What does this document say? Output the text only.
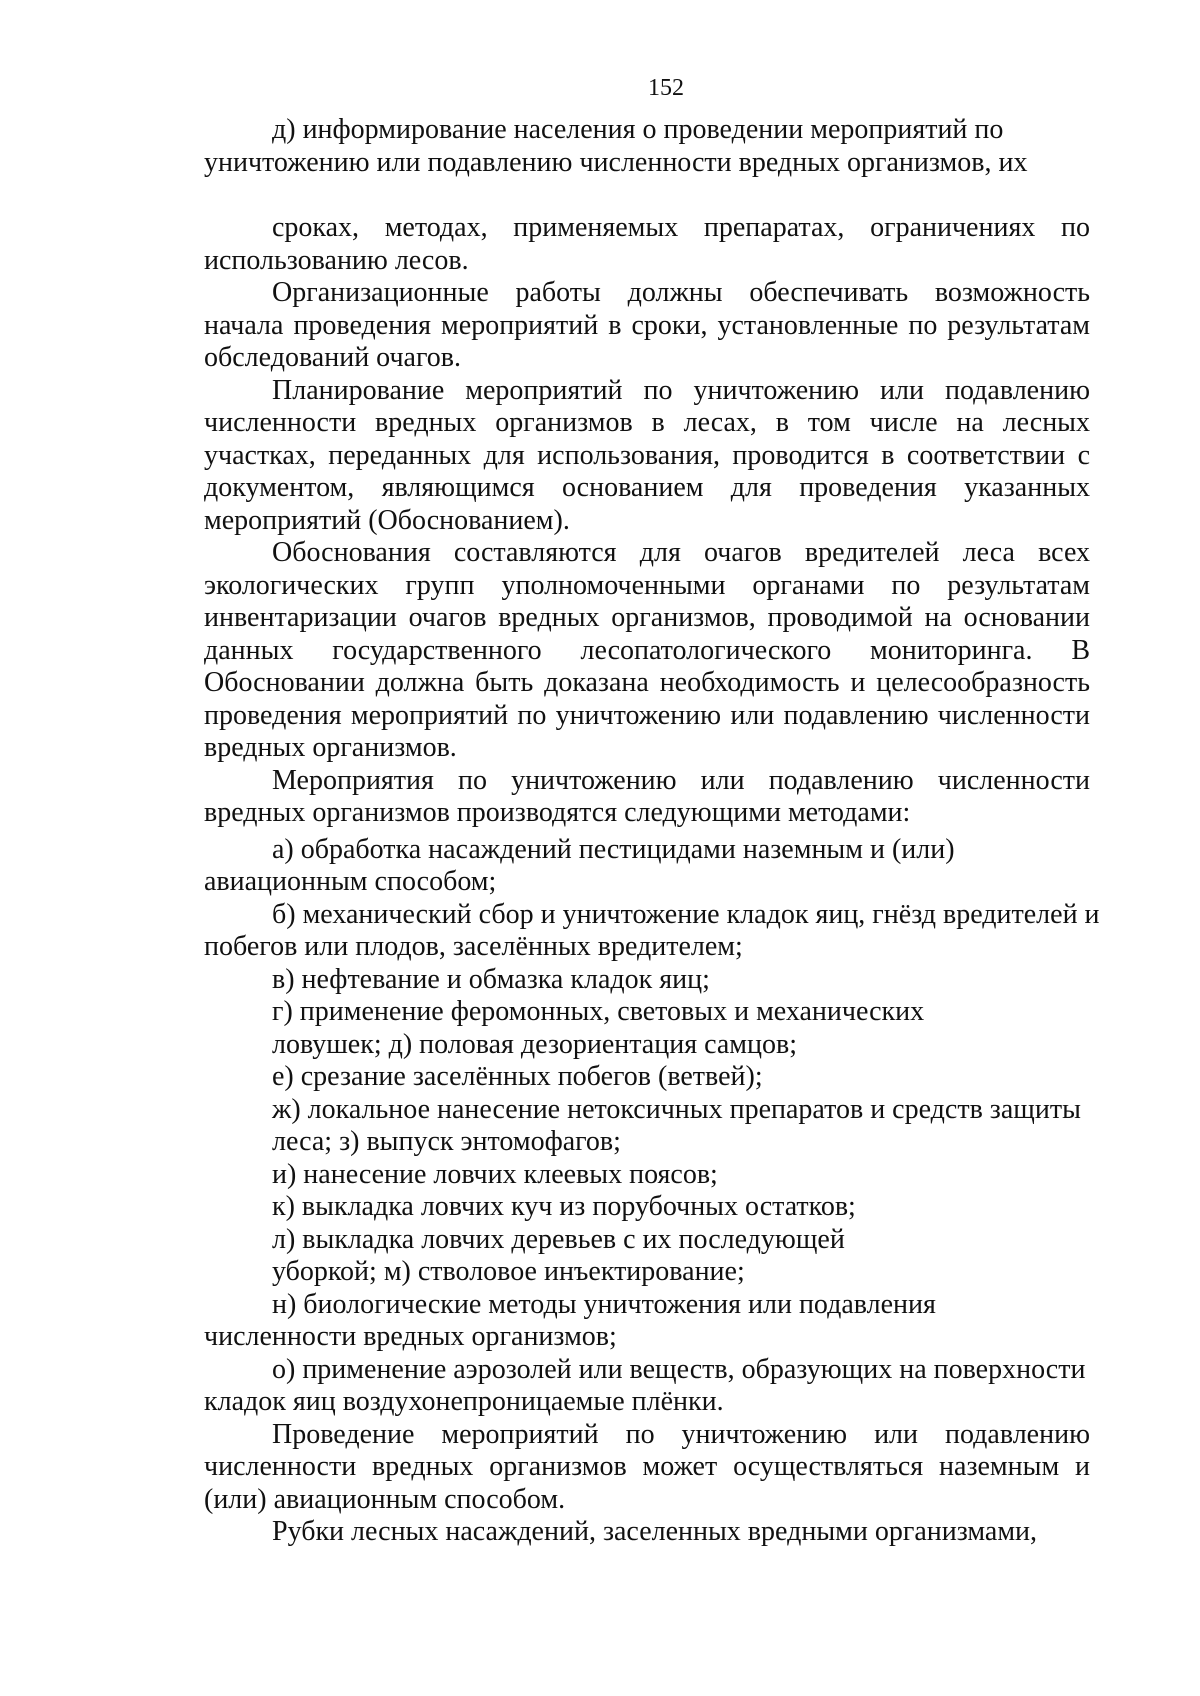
152

д) информирование населения о проведении мероприятий по

уничтожению или подавлению численности вредных организмов, их

сроках, методах, применяемых препаратах, ограничениях по использованию лесов.

Организационные работы должны обеспечивать возможность начала проведения мероприятий в сроки, установленные по результатам обследований очагов.

Планирование мероприятий по уничтожению или подавлению численности вредных организмов в лесах, в том числе на лесных участках, переданных для использования, проводится в соответствии с документом, являющимся основанием для проведения указанных мероприятий (Обоснованием).

Обоснования составляются для очагов вредителей леса всех экологических групп уполномоченными органами по результатам инвентаризации очагов вредных организмов, проводимой на основании данных государственного лесопатологического мониторинга. В Обосновании должна быть доказана необходимость и целесообразность проведения мероприятий по уничтожению или подавлению численности вредных организмов.

Мероприятия по уничтожению или подавлению численности вредных организмов производятся следующими методами:

а) обработка насаждений пестицидами наземным и (или)

авиационным способом;

б) механический сбор и уничтожение кладок яиц, гнёзд вредителей и побегов или плодов, заселённых вредителем;

в) нефтевание и обмазка кладок яиц;

г) применение феромонных, световых и механических

ловушек; д) половая дезориентация самцов;

е) срезание заселённых побегов (ветвей);

ж) локальное нанесение нетоксичных препаратов и средств защиты

леса; з) выпуск энтомофагов;

и) нанесение ловчих клеевых поясов;

к) выкладка ловчих куч из порубочных остатков;

л) выкладка ловчих деревьев с их последующей

уборкой; м) стволовое инъектирование;

н) биологические методы уничтожения или подавления численности вредных организмов;

о) применение аэрозолей или веществ, образующих на поверхности кладок яиц воздухонепроницаемые плёнки.

Проведение мероприятий по уничтожению или подавлению численности вредных организмов может осуществляться наземным и (или) авиационным способом.

Рубки лесных насаждений, заселенных вредными организмами,
